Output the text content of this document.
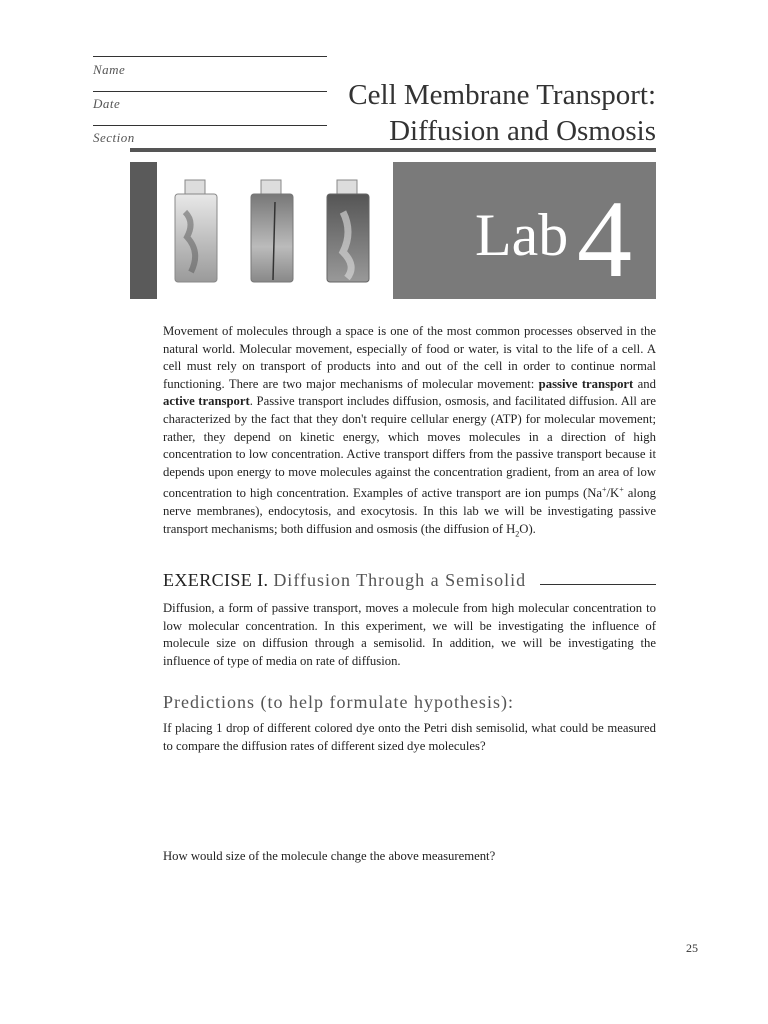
Name
Date
Section
Cell Membrane Transport:
Diffusion and Osmosis
Lab 4

Movement of molecules through a space is one of the most common processes observed in the natural world. Molecular movement, especially of food or water, is vital to the life of a cell. A cell must rely on transport of products into and out of the cell in order to continue normal functioning. There are two major mechanisms of molecular movement: passive transport and active transport. Passive transport includes diffusion, osmosis, and facilitated diffusion. All are characterized by the fact that they don't require cellular energy (ATP) for molecular movement; rather, they depend on kinetic energy, which moves molecules in a direction of high concentration to low concentration. Active transport differs from the passive transport because it depends upon energy to move molecules against the concentration gradient, from an area of low concentration to high concentration. Examples of active transport are ion pumps (Na+/K+ along nerve membranes), endocytosis, and exocytosis. In this lab we will be investigating passive transport mechanisms; both diffusion and osmosis (the diffusion of $H_2O$).

EXERCISE I. Diffusion Through a Semisolid

Diffusion, a form of passive transport, moves a molecule from high molecular concentration to low molecular concentration. In this experiment, we will be investigating the influence of molecule size on diffusion through a semisolid. In addition, we will be investigating the influence of type of media on rate of diffusion.

Predictions (to help formulate hypothesis):

If placing 1 drop of different colored dye onto the Petri dish semisolid, what could be measured to compare the diffusion rates of different sized dye molecules?

How would size of the molecule change the above measurement?

25
